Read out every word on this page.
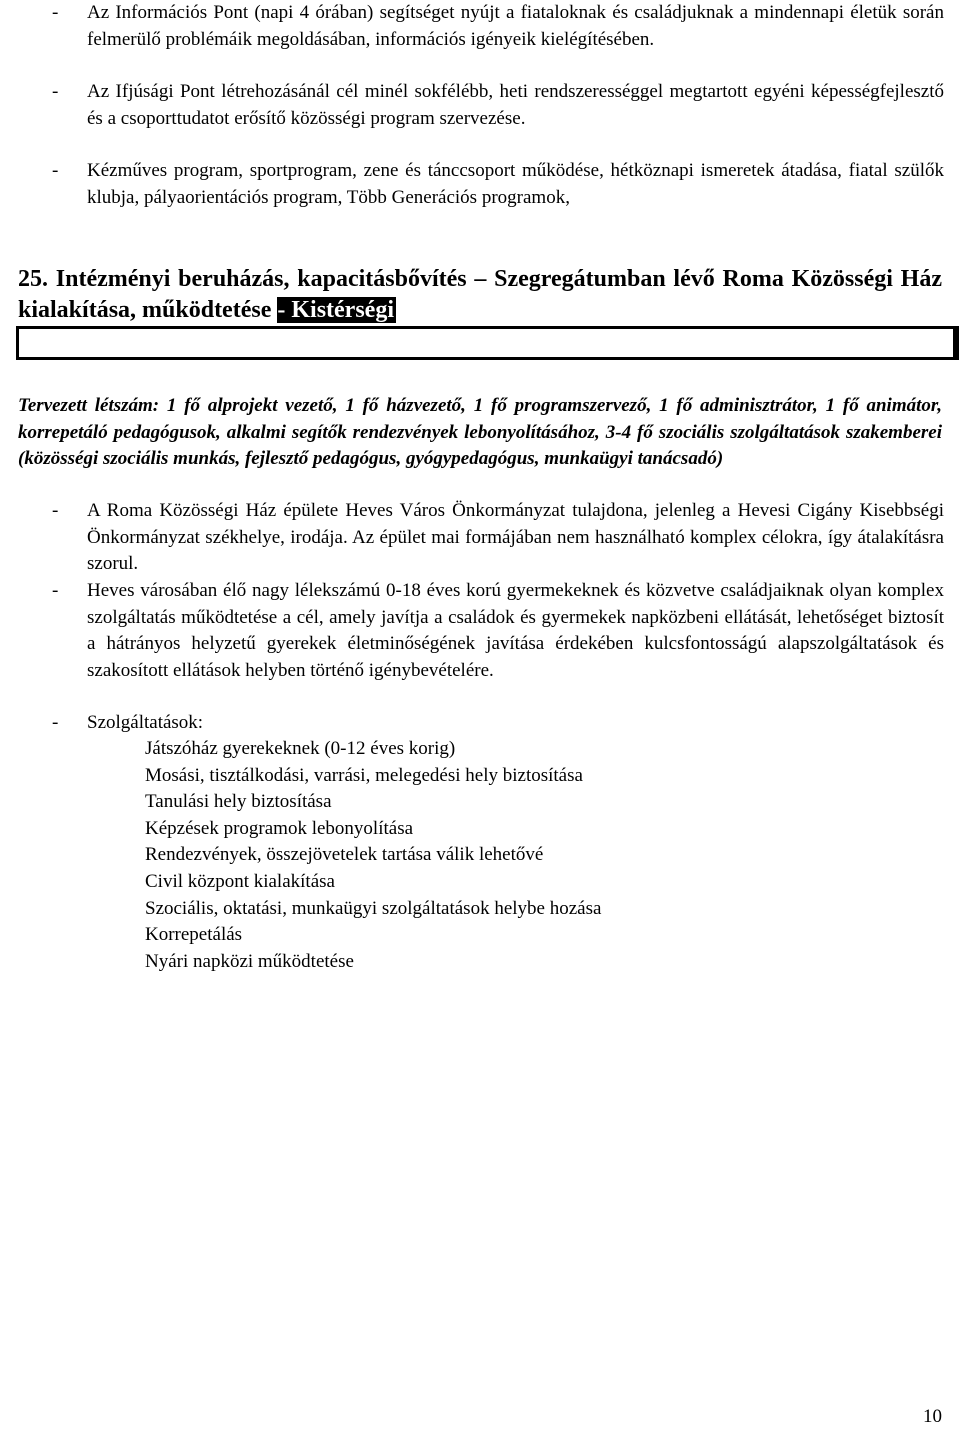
- Az Információs Pont (napi 4 órában) segítséget nyújt a fiataloknak és családjuknak a mindennapi életük során felmerülő problémáik megoldásában, információs igényeik kielégítésében.
- Az Ifjúsági Pont létrehozásánál cél minél sokfélébb, heti rendszerességgel megtartott egyéni képességfejlesztő és a csoporttudatot erősítő közösségi program szervezése.
- Kézműves program, sportprogram, zene és tánccsoport működése, hétköznapi ismeretek átadása, fiatal szülők klubja, pályaorientációs program, Több Generációs programok,
25. Intézményi beruházás, kapacitásbővítés – Szegregátumban lévő Roma Közösségi Ház kialakítása, működtetése - Kistérségi
Tervezett létszám: 1 fő alprojekt vezető, 1 fő házvezető, 1 fő programszervező, 1 fő adminisztrátor, 1 fő animátor, korrepetáló pedagógusok, alkalmi segítők rendezvények lebonyolításához, 3-4 fő szociális szolgáltatások szakemberei (közösségi szociális munkás, fejlesztő pedagógus, gyógypedagógus, munkaügyi tanácsadó)
- A Roma Közösségi Ház épülete Heves Város Önkormányzat tulajdona, jelenleg a Hevesi Cigány Kisebbségi Önkormányzat székhelye, irodája. Az épület mai formájában nem használható komplex célokra, így átalakításra szorul.
- Heves városában élő nagy lélekszámú 0-18 éves korú gyermekeknek és közvetve családjaiknak olyan komplex szolgáltatás működtetése a cél, amely javítja a családok és gyermekek napközbeni ellátását, lehetőséget biztosít a hátrányos helyzetű gyerekek életminőségének javítása érdekében kulcsfontosságú alapszolgáltatások és szakosított ellátások helyben történő igénybevételére.
- Szolgáltatások:
Játszóház gyerekeknek (0-12 éves korig)
Mosási, tisztálkodási, varrási, melegedési hely biztosítása
Tanulási hely biztosítása
Képzések programok lebonyolítása
Rendezvények, összejövetelek tartása válik lehetővé
Civil központ kialakítása
Szociális, oktatási, munkaügyi szolgáltatások helybe hozása
Korrepetálás
Nyári napközi működtetése
10
